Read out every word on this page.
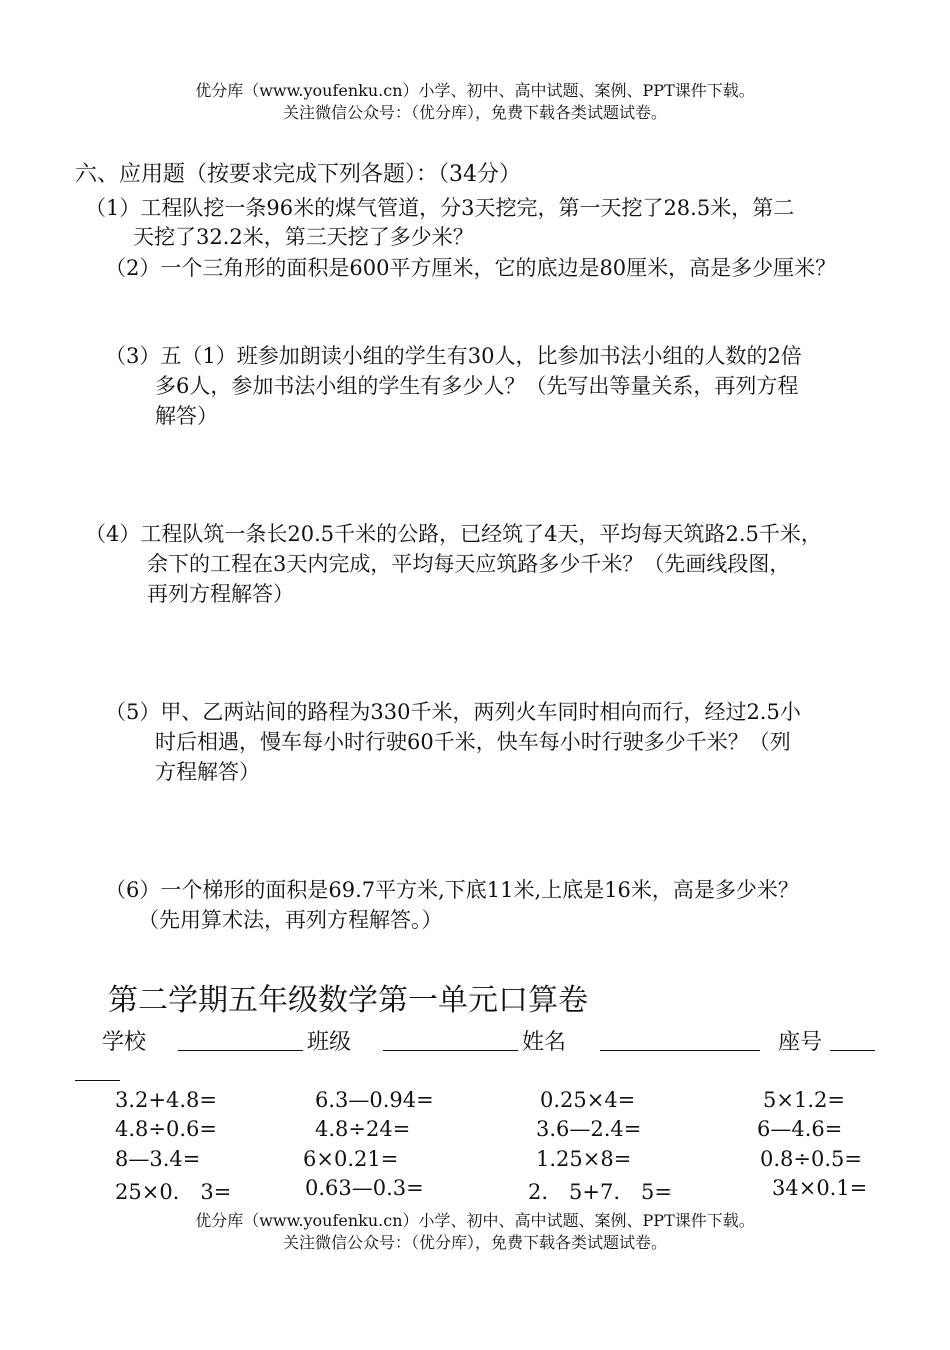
优分库（www.youfenku.cn）小学、初中、高中试题、案例、PPT课件下载。
关注微信公众号：（优分库），免费下载各类试题试卷。
六、应用题（按要求完成下列各题）：（34分）
（1）工程队挖一条96米的煤气管道，分3天挖完，第一天挖了28.5米，第二
天挖了32.2米，第三天挖了多少米？
（2）一个三角形的面积是600平方厘米，它的底边是80厘米，高是多少厘米？
（3）五（1）班参加朗读小组的学生有30人，比参加书法小组的人数的2倍
多6人，参加书法小组的学生有多少人？（先写出等量关系，再列方程
解答）
（4）工程队筑一条长20.5千米的公路，已经筑了4天，平均每天筑路2.5千米，
余下的工程在3天内完成，平均每天应筑路多少千米？（先画线段图，
再列方程解答）
（5）甲、乙两站间的路程为330千米，两列火车同时相向而行，经过2.5小
时后相遇，慢车每小时行驶60千米，快车每小时行驶多少千米？（列
方程解答）
（6）一个梯形的面积是69.7平方米,下底11米,上底是16米，高是多少米？
（先用算术法，再列方程解答。）
第二学期五年级数学第一单元口算卷
学校	班级	姓名	座号
3.2+4.8=	6.3—0.94=	0.25×4=	5×1.2=
4.8÷0.6=	4.8÷24=	3.6—2.4=	6—4.6=
8—3.4=	6×0.21=	1.25×8=	0.8÷0.5=
25×0.　3=	0.63—0.3=	2.　5+7.　5=	34×0.1=
优分库（www.youfenku.cn）小学、初中、高中试题、案例、PPT课件下载。
关注微信公众号：（优分库），免费下载各类试题试卷。
